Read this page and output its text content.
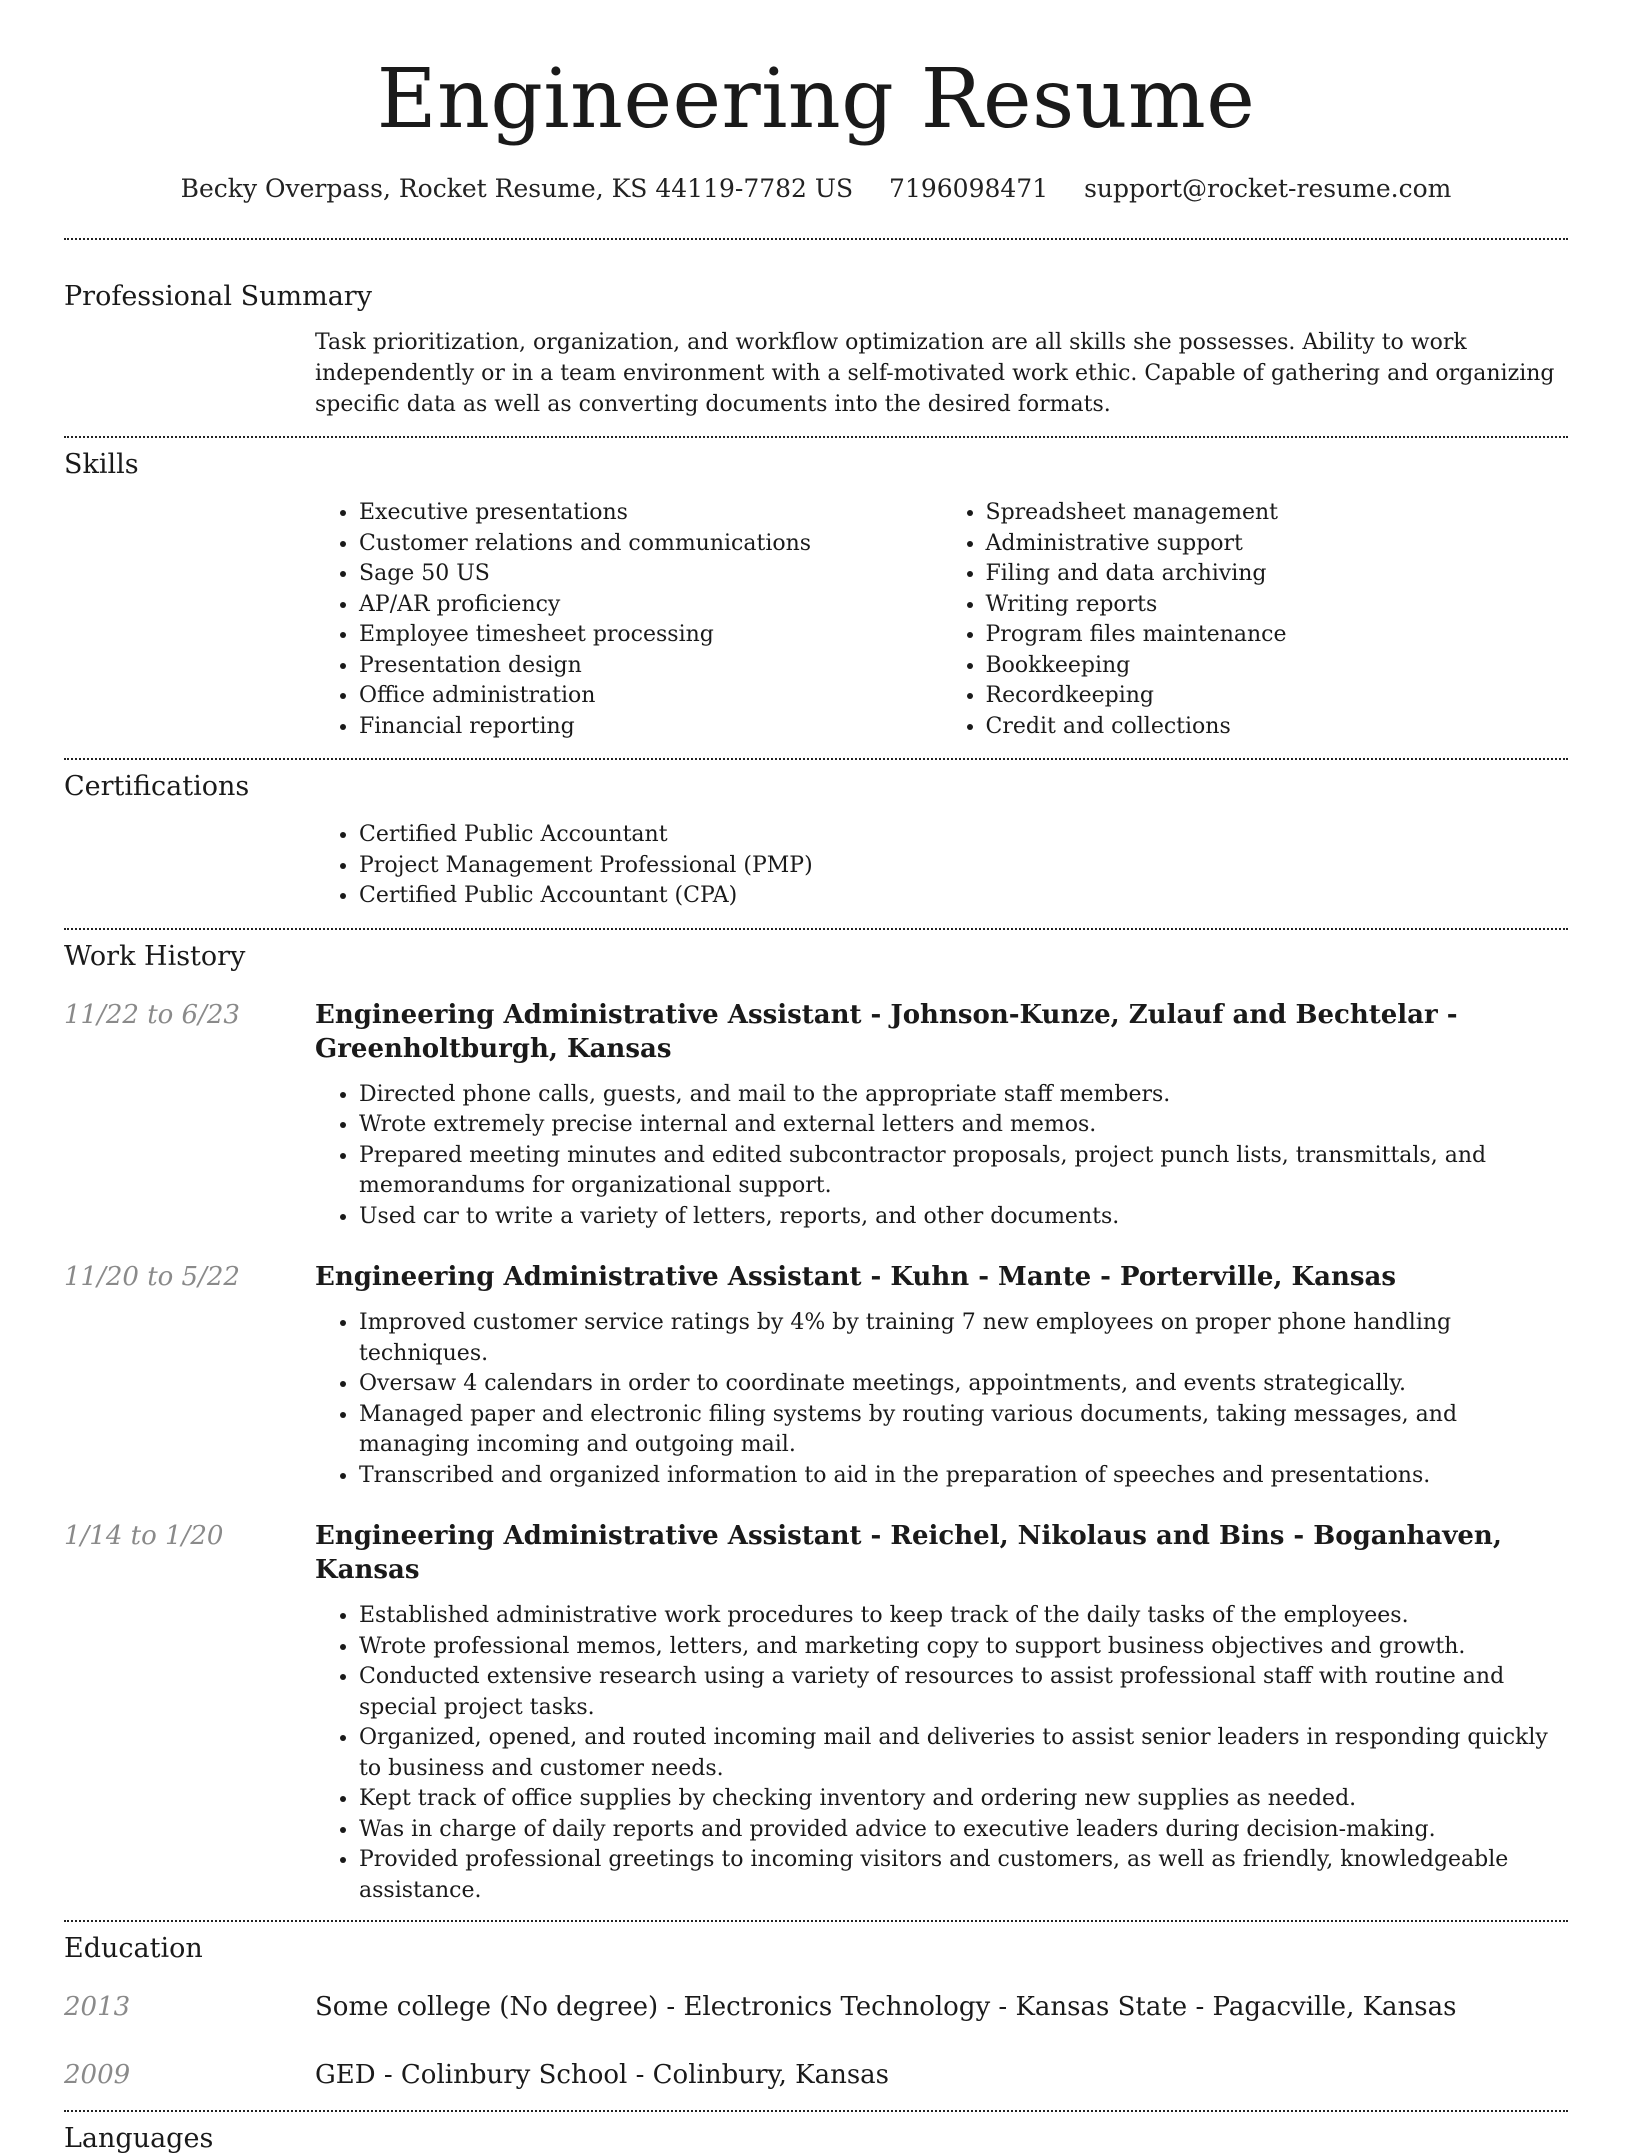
Engineering Resume
Becky Overpass, Rocket Resume, KS 44119-7782 US 7196098471 support@rocket-resume.com
Professional Summary

Task prioritization, organization, and workflow optimization are all skills she possesses. Ability to work independently or in a team environment with a self-motivated work ethic. Capable of gathering and organizing specific data as well as converting documents into the desired formats.

Skills
• Executive presentations
• Customer relations and communications
• Sage 50 US
• AP/AR proficiency
• Employee timesheet processing
• Presentation design
• Office administration
• Financial reporting
• Spreadsheet management
• Administrative support
• Filing and data archiving
• Writing reports
• Program files maintenance
• Bookkeeping
• Recordkeeping
• Credit and collections
Certifications
• Certified Public Accountant
• Project Management Professional (PMP)
• Certified Public Accountant (CPA)
Work History
11/22 to 6/23	Engineering Administrative Assistant - Johnson-Kunze, Zulauf and Bechtelar - Greenholtburgh, Kansas
• Directed phone calls, guests, and mail to the appropriate staff members.
• Wrote extremely precise internal and external letters and memos.
• Prepared meeting minutes and edited subcontractor proposals, project punch lists, transmittals, and memorandums for organizational support.
• Used car to write a variety of letters, reports, and other documents.
11/20 to 5/22	Engineering Administrative Assistant - Kuhn - Mante - Porterville, Kansas
• Improved customer service ratings by 4% by training 7 new employees on proper phone handling techniques.
• Oversaw 4 calendars in order to coordinate meetings, appointments, and events strategically.
• Managed paper and electronic filing systems by routing various documents, taking messages, and managing incoming and outgoing mail.
• Transcribed and organized information to aid in the preparation of speeches and presentations.
1/14 to 1/20	Engineering Administrative Assistant - Reichel, Nikolaus and Bins - Boganhaven, Kansas
• Established administrative work procedures to keep track of the daily tasks of the employees.
• Wrote professional memos, letters, and marketing copy to support business objectives and growth.
• Conducted extensive research using a variety of resources to assist professional staff with routine and special project tasks.
• Organized, opened, and routed incoming mail and deliveries to assist senior leaders in responding quickly to business and customer needs.
• Kept track of office supplies by checking inventory and ordering new supplies as needed.
• Was in charge of daily reports and provided advice to executive leaders during decision-making.
• Provided professional greetings to incoming visitors and customers, as well as friendly, knowledgeable assistance.
Education
2013	Some college (No degree) - Electronics Technology - Kansas State - Pagacville, Kansas
2009	GED - Colinbury School - Colinbury, Kansas
Languages
